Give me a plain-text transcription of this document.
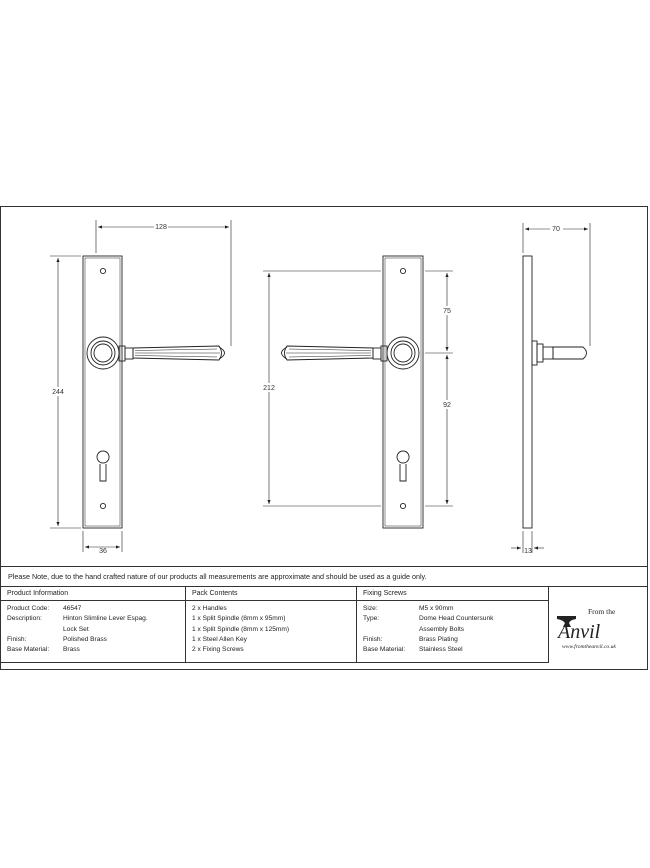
128
244
36
212
75
92
70
13
Please Note, due to the hand crafted nature of our products all measurements are approximate and should be used as a guide only.
Product Information
Product Code:	46547
Description:	Hinton Slimline Lever Espag.
Lock Set
Finish:	Polished Brass
Base Material:	Brass
Pack Contents
2 x Handles
1 x Split Spindle (8mm x 95mm)
1 x Split Spindle (8mm x 125mm)
1 x Steel Allen Key
2 x Fixing Screws
Fixing Screws
Size:	M5 x 90mm
Type:	Dome Head Countersunk
Assembly Bolts
Finish:	Brass Plating
Base Material:	Stainless Steel
From the
Anvil
www.fromtheanvil.co.uk
